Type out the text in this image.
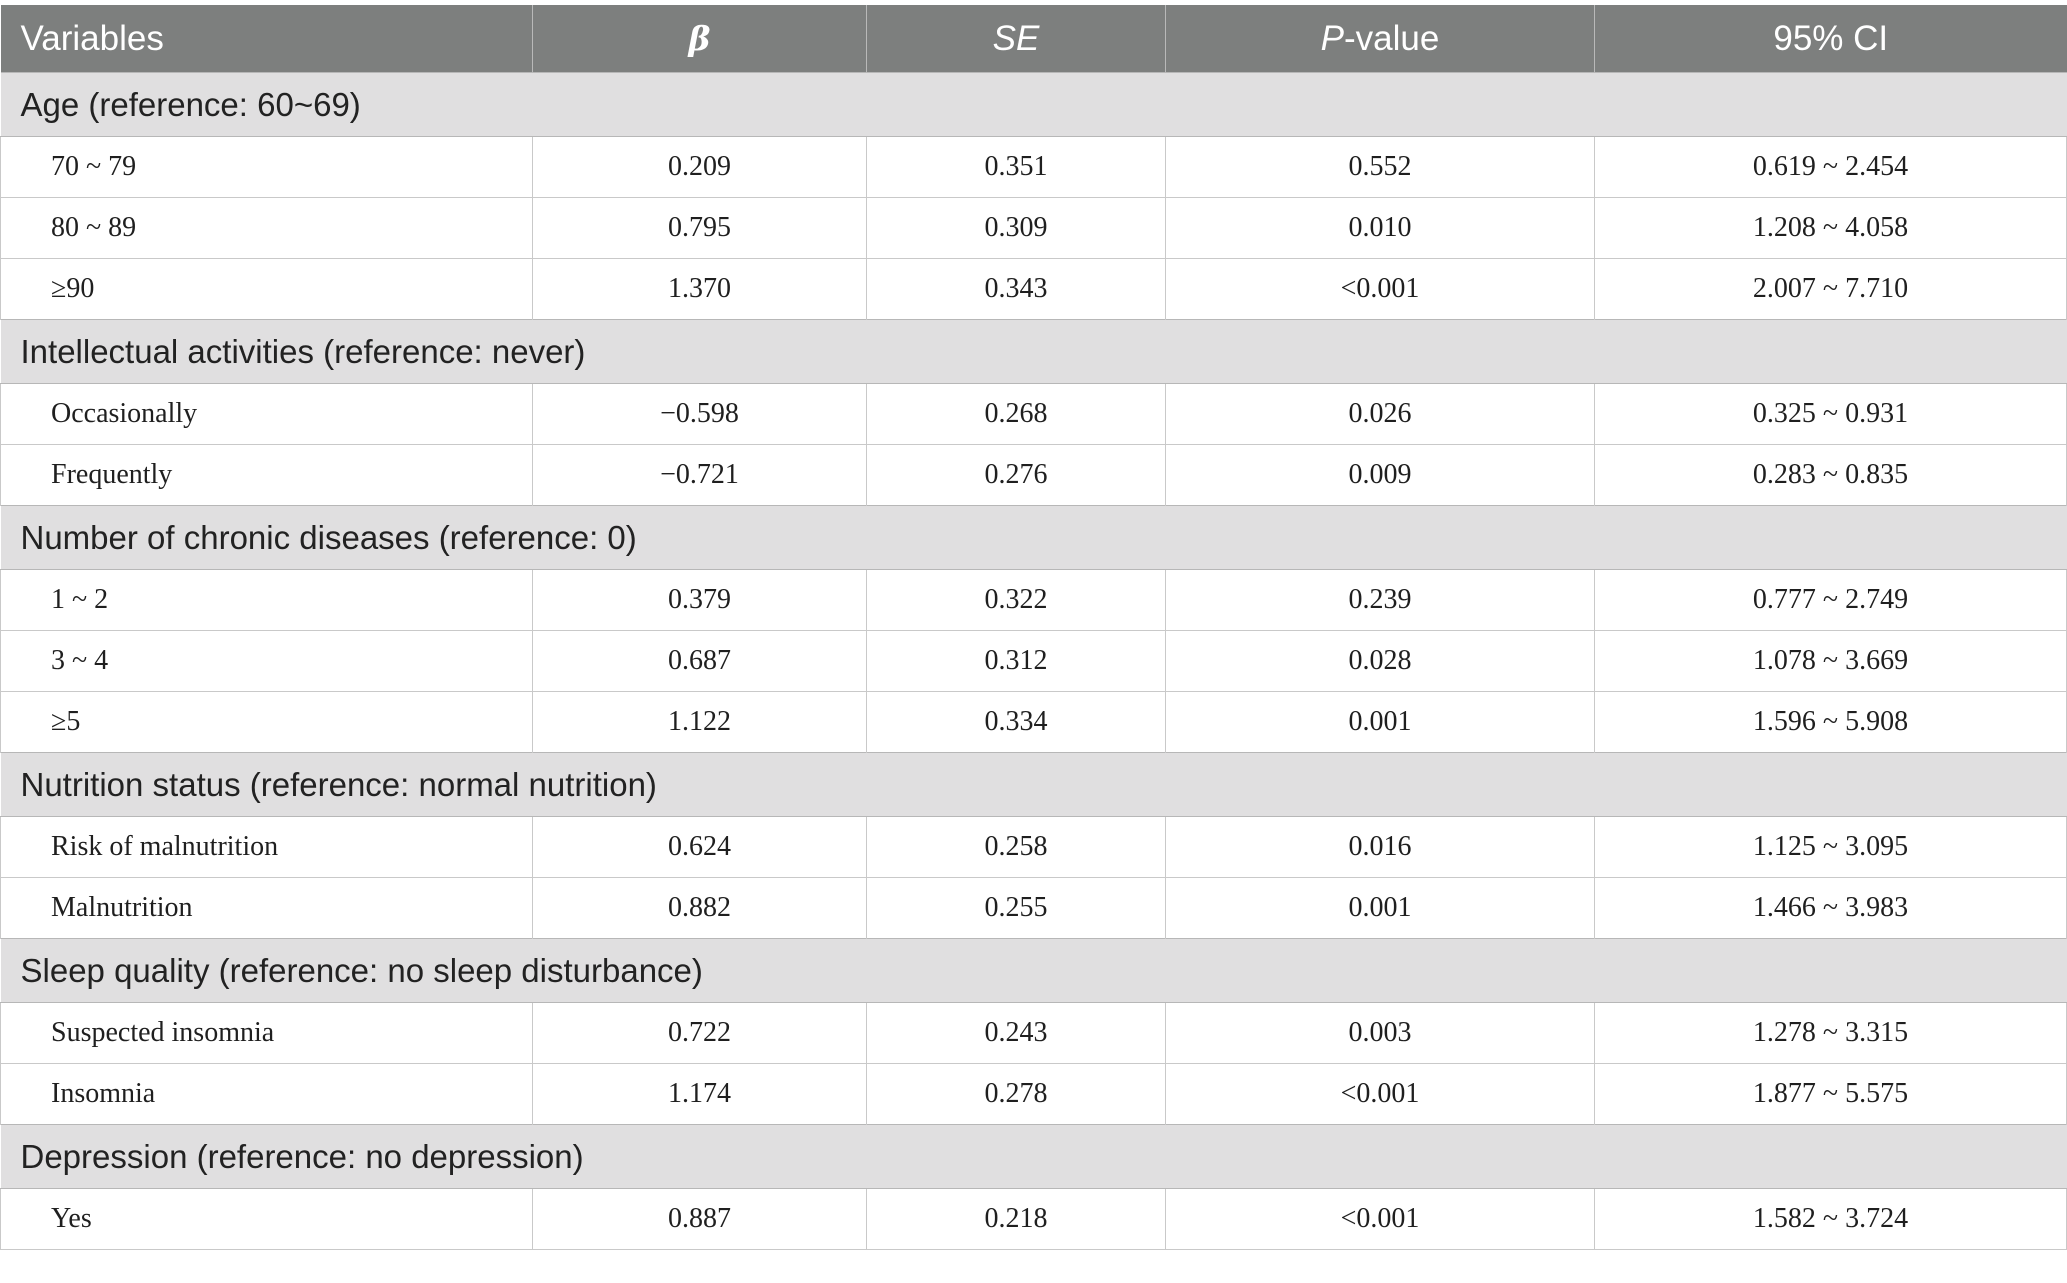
Variables	β	SE	P-value	95% CI
Age (reference: 60~69)				
70 ~ 79	0.209	0.351	0.552	0.619 ~ 2.454
80 ~ 89	0.795	0.309	0.010	1.208 ~ 4.058
≥90	1.370	0.343	<0.001	2.007 ~ 7.710
Intellectual activities (reference: never)				
Occasionally	−0.598	0.268	0.026	0.325 ~ 0.931
Frequently	−0.721	0.276	0.009	0.283 ~ 0.835
Number of chronic diseases (reference: 0)				
1 ~ 2	0.379	0.322	0.239	0.777 ~ 2.749
3 ~ 4	0.687	0.312	0.028	1.078 ~ 3.669
≥5	1.122	0.334	0.001	1.596 ~ 5.908
Nutrition status (reference: normal nutrition)				
Risk of malnutrition	0.624	0.258	0.016	1.125 ~ 3.095
Malnutrition	0.882	0.255	0.001	1.466 ~ 3.983
Sleep quality (reference: no sleep disturbance)				
Suspected insomnia	0.722	0.243	0.003	1.278 ~ 3.315
Insomnia	1.174	0.278	<0.001	1.877 ~ 5.575
Depression (reference: no depression)				
Yes	0.887	0.218	<0.001	1.582 ~ 3.724
